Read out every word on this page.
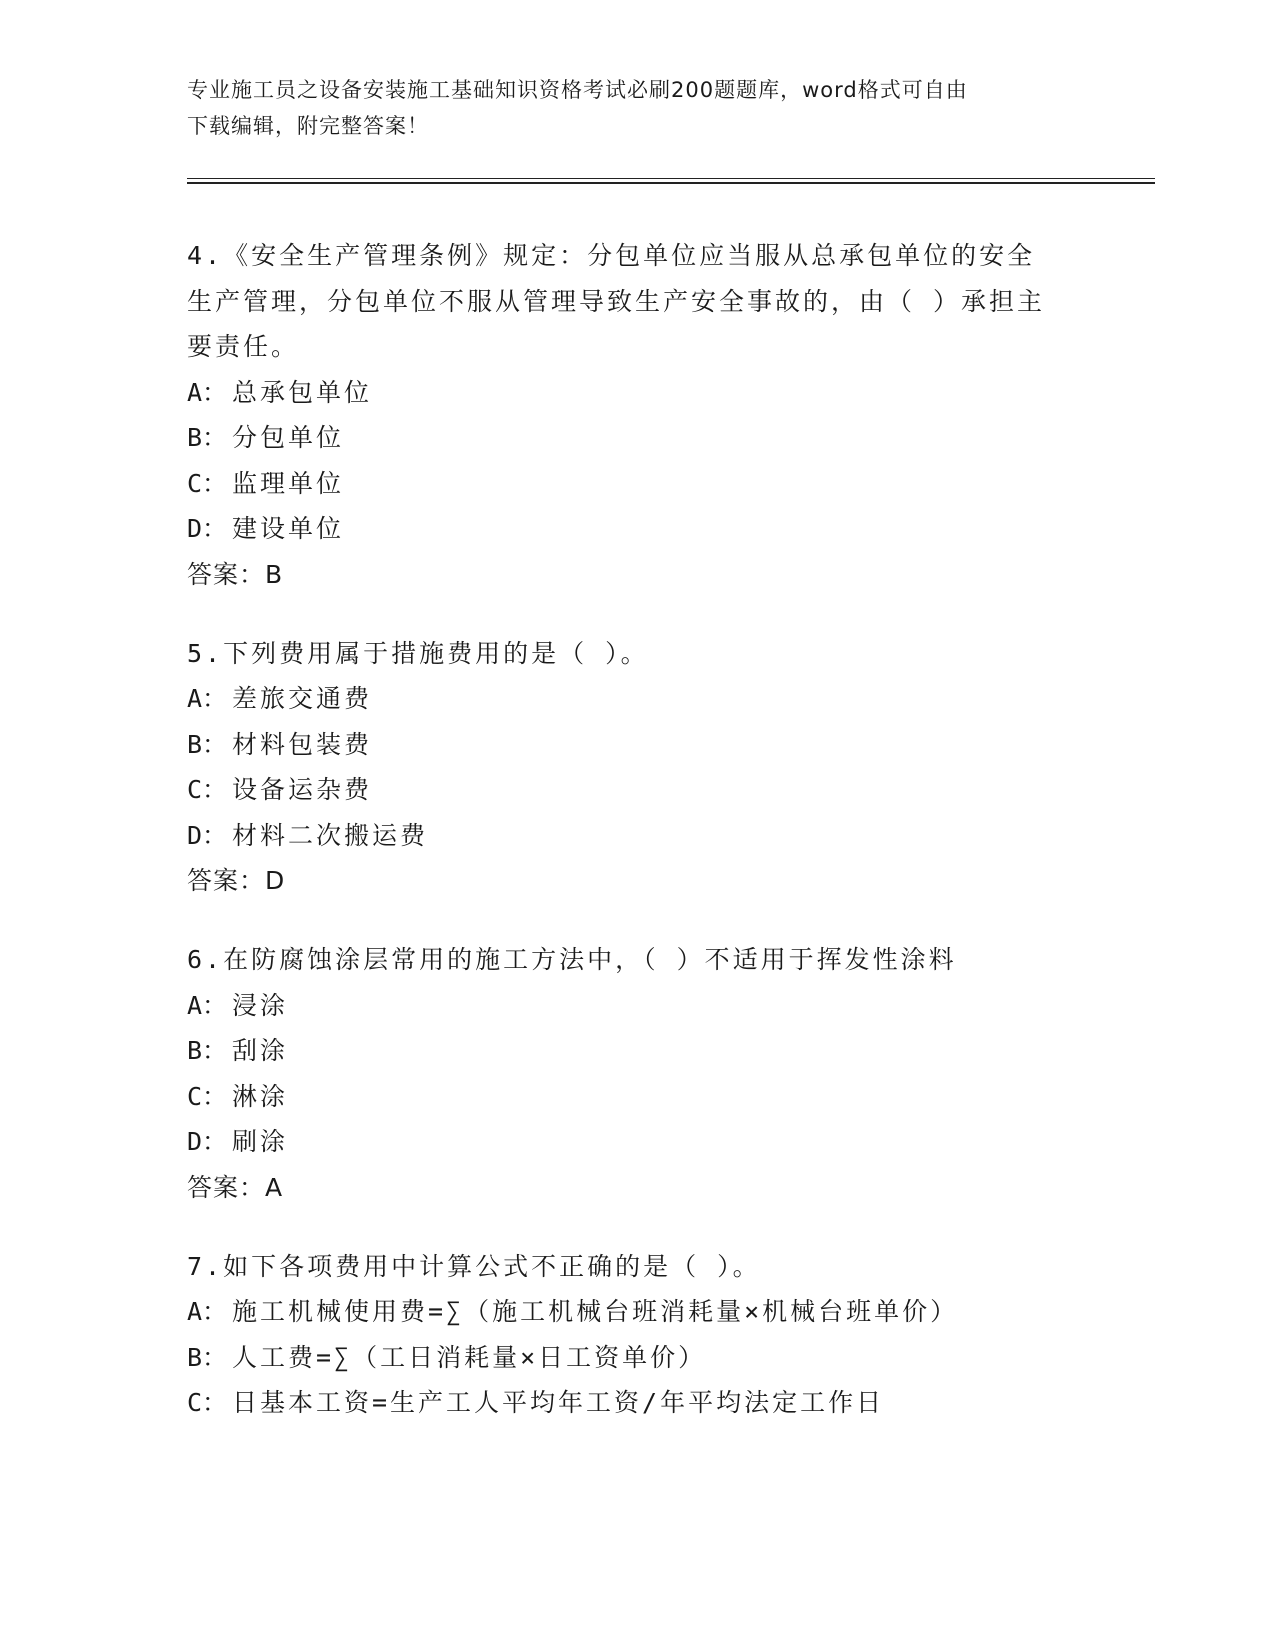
专业施工员之设备安装施工基础知识资格考试必刷200题题库，word格式可自由
下载编辑，附完整答案！

4.《安全生产管理条例》规定：分包单位应当服从总承包单位的安全

生产管理，分包单位不服从管理导致生产安全事故的，由（ ）承担主

要责任。

A： 总承包单位

B： 分包单位

C： 监理单位

D： 建设单位

答案：B

5.下列费用属于措施费用的是（ ）。

A： 差旅交通费

B： 材料包装费

C： 设备运杂费

D： 材料二次搬运费

答案：D

6.在防腐蚀涂层常用的施工方法中，（ ）不适用于挥发性涂料

A： 浸涂

B： 刮涂

C： 淋涂

D： 刷涂

答案：A

7.如下各项费用中计算公式不正确的是（ ）。

A： 施工机械使用费=∑（施工机械台班消耗量×机械台班单价）

B： 人工费=∑（工日消耗量×日工资单价）

C： 日基本工资=生产工人平均年工资/年平均法定工作日
